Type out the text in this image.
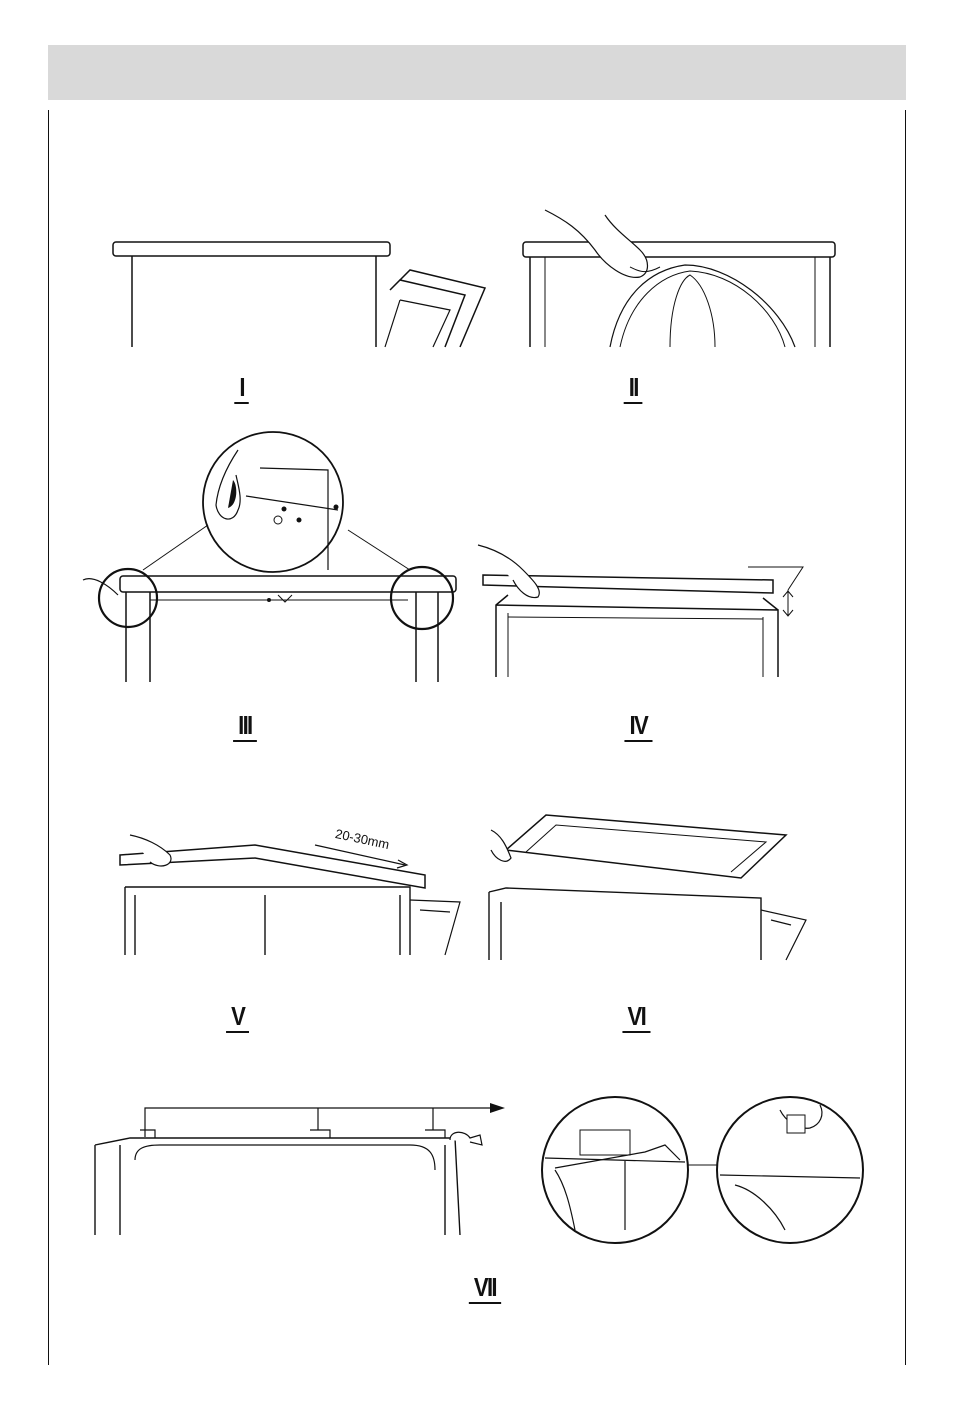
I	II
III	IV
20-30mm
V	VI
VII
